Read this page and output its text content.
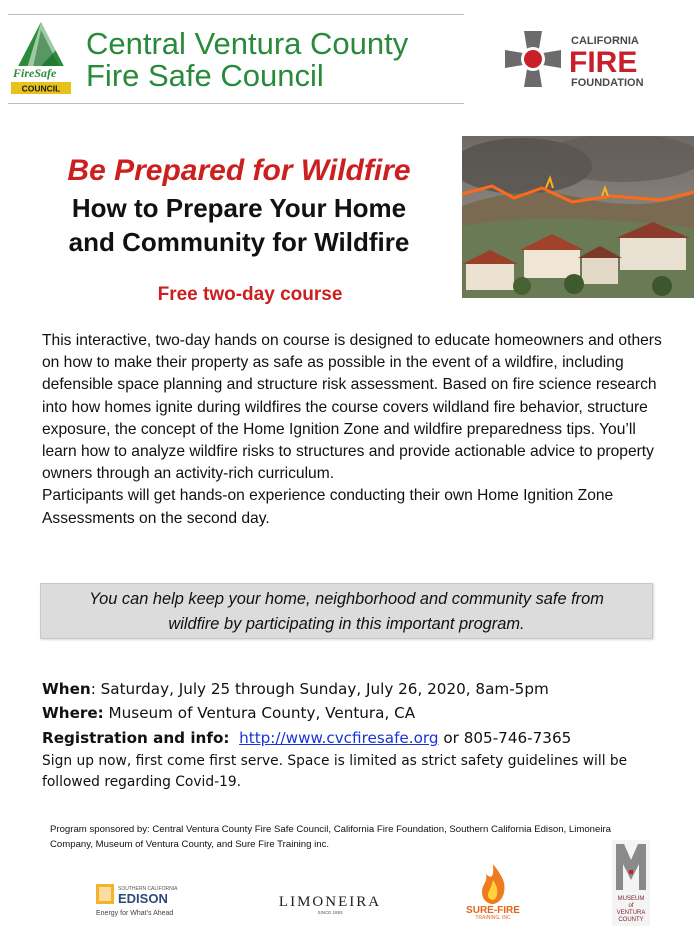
FireSafe
COUNCIL
Central Ventura County
Fire Safe Council
CALIFORNIA
FIRE
FOUNDATION
Be Prepared for Wildfire
How to Prepare Your Home
and Community for Wildfire
Free two-day course
This interactive, two-day hands on course is designed to educate homeowners and others on how to make their property as safe as possible in the event of a wildfire, including defensible space planning and structure risk assessment. Based on fire science research into how homes ignite during wildfires the course covers wildland fire behavior, structure exposure, the concept of the Home Ignition Zone and wildfire preparedness tips. You’ll learn how to analyze wildfire risks to structures and provide actionable advice to property owners through an activity-rich curriculum.
Participants will get hands-on experience conducting their own Home Ignition Zone Assessments on the second day.
You can help keep your home, neighborhood and community safe from
wildfire by participating in this important program.
When: Saturday, July 25 through Sunday, July 26, 2020, 8am-5pm
Where: Museum of Ventura County, Ventura, CA
Registration and info: http://www.cvcfiresafe.org or 805-746-7365
Sign up now, first come first serve. Space is limited as strict safety guidelines will be followed regarding Covid-19.
Program sponsored by: Central Ventura County Fire Safe Council, California Fire Foundation, Southern California Edison, Limoneira Company, Museum of Ventura County, and Sure Fire Training inc.
SOUTHERN CALIFORNIA
EDISON
Energy for What’s Ahead
LIMONEIRA
SINCE 1893	SURE-FIRE
TRAINING, INC
MUSEUM
of
VENTURA
COUNTY
